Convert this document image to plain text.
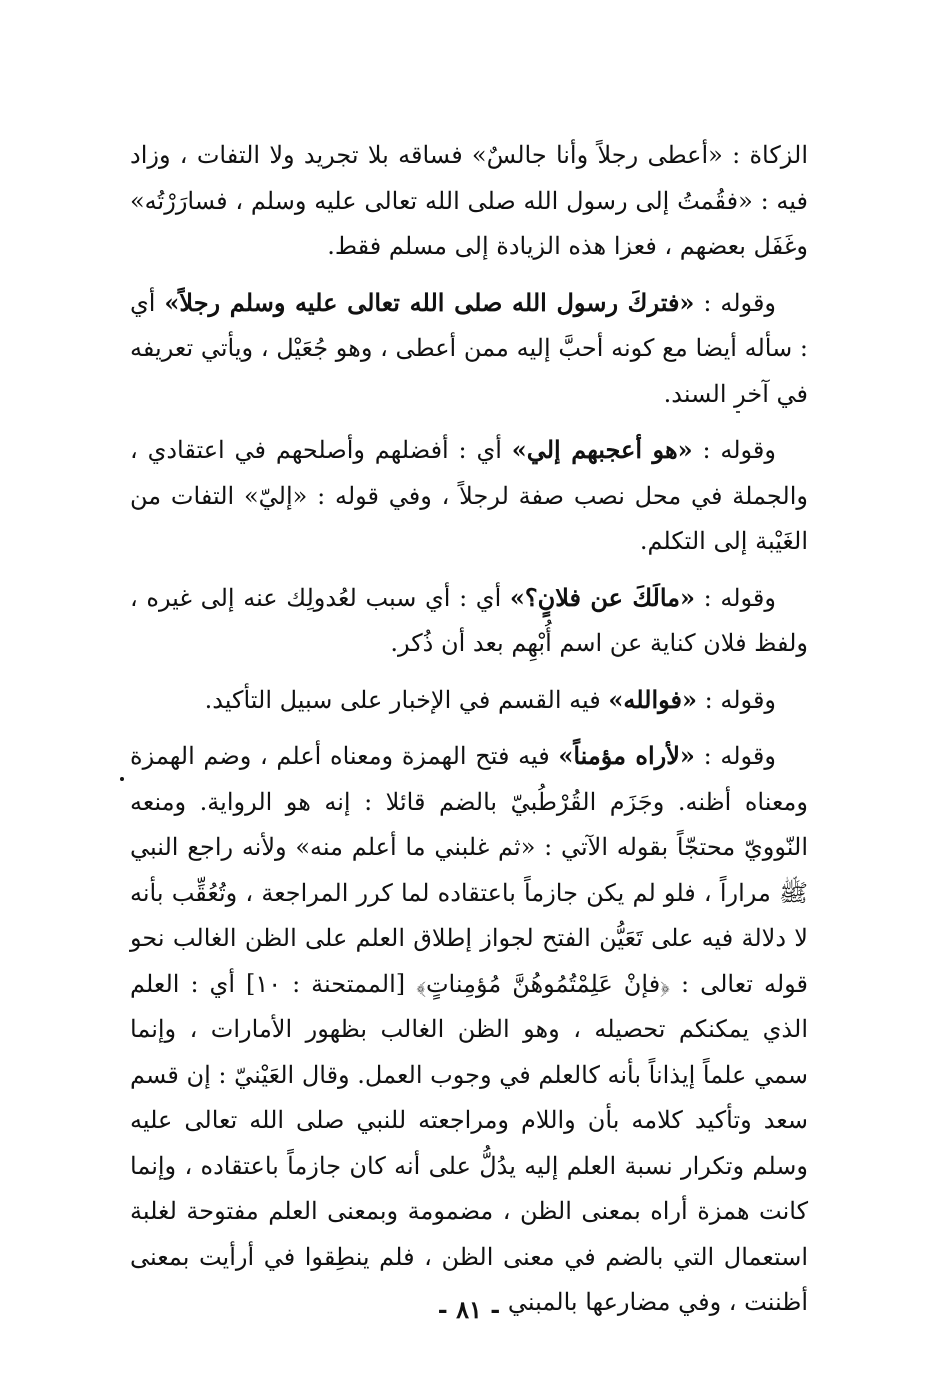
الزكاة : «أعطى رجلاً وأنا جالسٌ» فساقه بلا تجريد ولا التفات ، وزاد فيه : «فقُمتُ إلى رسول الله صلى الله تعالى عليه وسلم ، فسارَرْتُه» وغَفَل بعضهم ، فعزا هذه الزيادة إلى مسلم فقط.

وقوله : «فتركَ رسول الله صلى الله تعالى عليه وسلم رجلاً» أي : سأله أيضا مع كونه أحبَّ إليه ممن أعطى ، وهو جُعَيْل ، ويأتي تعريفه في آخر السند.

وقوله : «هو أعجبهم إلي» أي : أفضلهم وأصلحهم في اعتقادي ، والجملة في محل نصب صفة لرجلاً ، وفي قوله : «إليّ» التفات من الغَيْبة إلى التكلم.

وقوله : «مالَكَ عن فلانٍ؟» أي : أي سبب لعُدولِك عنه إلى غيره ، ولفظ فلان كناية عن اسم أُبْهِم بعد أن ذُكر.

وقوله : «فوالله» فيه القسم في الإخبار على سبيل التأكيد.

وقوله : «لأراه مؤمناً» فيه فتح الهمزة ومعناه أعلم ، وضم الهمزة ومعناه أظنه. وجَزَم القُرْطُبيّ بالضم قائلا : إنه هو الرواية. ومنعه النّوويّ محتجّاً بقوله الآتي : «ثم غلبني ما أعلم منه» ولأنه راجع النبي ﷺ مراراً ، فلو لم يكن جازماً باعتقاده لما كرر المراجعة ، وتُعُقِّب بأنه لا دلالة فيه على تَعَيُّن الفتح لجواز إطلاق العلم على الظن الغالب نحو قوله تعالى : ﴿فإنْ عَلِمْتُمُوهُنَّ مُؤمِناتٍ﴾ [الممتحنة : ١٠] أي : العلم الذي يمكنكم تحصيله ، وهو الظن الغالب بظهور الأمارات ، وإنما سمي علماً إيذاناً بأنه كالعلم في وجوب العمل. وقال العَيْنيّ : إن قسم سعد وتأكيد كلامه بأن واللام ومراجعته للنبي صلى الله تعالى عليه وسلم وتكرار نسبة العلم إليه يدُلُّ على أنه كان جازماً باعتقاده ، وإنما كانت همزة أراه بمعنى الظن ، مضمومة وبمعنى العلم مفتوحة لغلبة استعمال التي بالضم في معنى الظن ، فلم ينطِقوا في أرأيت بمعنى أظننت ، وفي مضارعها بالمبني

- ٨١ -
